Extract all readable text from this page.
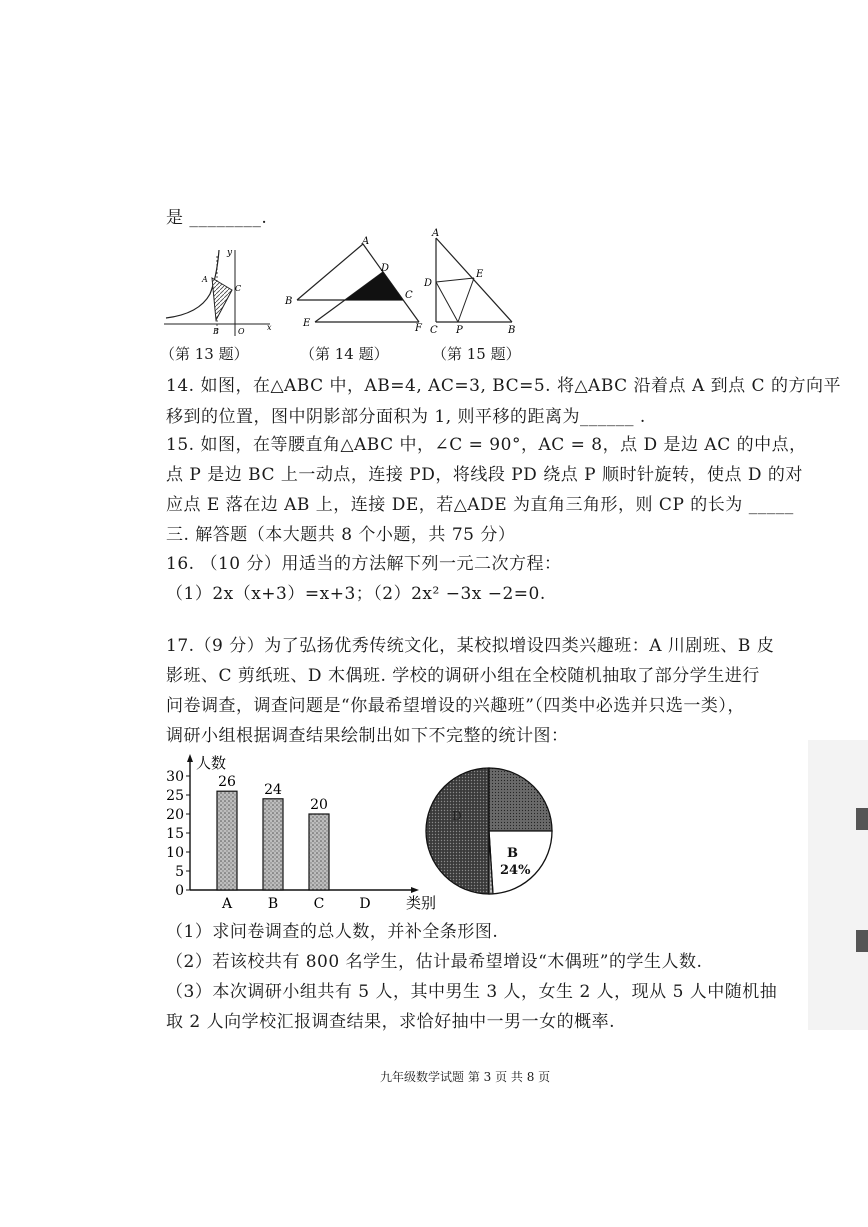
是 ________.
y
A
C
B O	x
A
D
B
C
E	F
A
E
D
C P	B
（第 13 题）	（第 14 题）	（第 15 题）
14. 如图，在△ABC 中，AB=4, AC=3, BC=5. 将△ABC 沿着点 A 到点 C 的方向平
移到的位置，图中阴影部分面积为 1, 则平移的距离为______ .
15. 如图，在等腰直角△ABC 中，∠C = 90°，AC = 8，点 D 是边 AC 的中点，
点 P 是边 BC 上一动点，连接 PD，将线段 PD 绕点 P 顺时针旋转，使点 D 的对
应点 E 落在边 AB 上，连接 DE，若△ADE 为直角三角形，则 CP 的长为 _____
三. 解答题（本大题共 8 个小题，共 75 分）
16. （10 分）用适当的方法解下列一元二次方程：
（1）2x（x+3）=x+3；（2）2x² −3x −2=0.
17.（9 分）为了弘扬优秀传统文化，某校拟增设四类兴趣班：A 川剧班、B 皮
影班、C 剪纸班、D 木偶班. 学校的调研小组在全校随机抽取了部分学生进行
问卷调查，调查问题是“你最希望增设的兴趣班”（四类中必选并只选一类），
调研小组根据调查结果绘制出如下不完整的统计图：
人数
类别
0
5
10
15
20
25
30 26
A
24
B
20
C	D
D
B
24%
（1）求问卷调查的总人数，并补全条形图.
（2）若该校共有 800 名学生，估计最希望增设“木偶班”的学生人数.
（3）本次调研小组共有 5 人，其中男生 3 人，女生 2 人，现从 5 人中随机抽
取 2 人向学校汇报调查结果，求恰好抽中一男一女的概率.
九年级数学试题 第 3 页 共 8 页
